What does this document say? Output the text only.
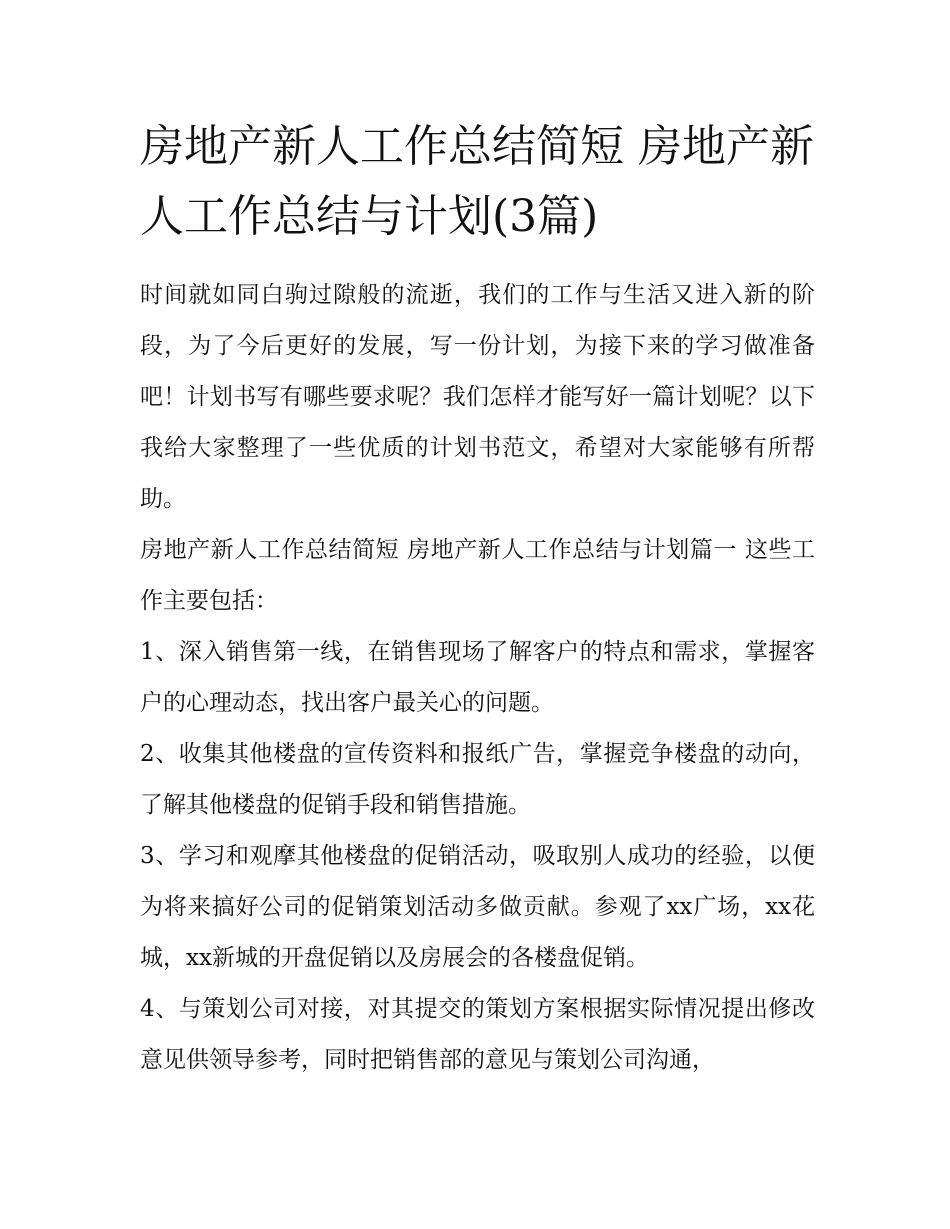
房地产新人工作总结简短 房地产新人工作总结与计划(3篇)

时间就如同白驹过隙般的流逝，我们的工作与生活又进入新的阶段，为了今后更好的发展，写一份计划，为接下来的学习做准备吧！计划书写有哪些要求呢？我们怎样才能写好一篇计划呢？以下我给大家整理了一些优质的计划书范文，希望对大家能够有所帮助。

房地产新人工作总结简短 房地产新人工作总结与计划篇一 这些工作主要包括：

1、深入销售第一线，在销售现场了解客户的特点和需求，掌握客户的心理动态，找出客户最关心的问题。

2、收集其他楼盘的宣传资料和报纸广告，掌握竞争楼盘的动向，了解其他楼盘的促销手段和销售措施。

3、学习和观摩其他楼盘的促销活动，吸取别人成功的经验，以便为将来搞好公司的促销策划活动多做贡献。参观了xx广场，xx花城，xx新城的开盘促销以及房展会的各楼盘促销。

4、与策划公司对接，对其提交的策划方案根据实际情况提出修改意见供领导参考，同时把销售部的意见与策划公司沟通，
